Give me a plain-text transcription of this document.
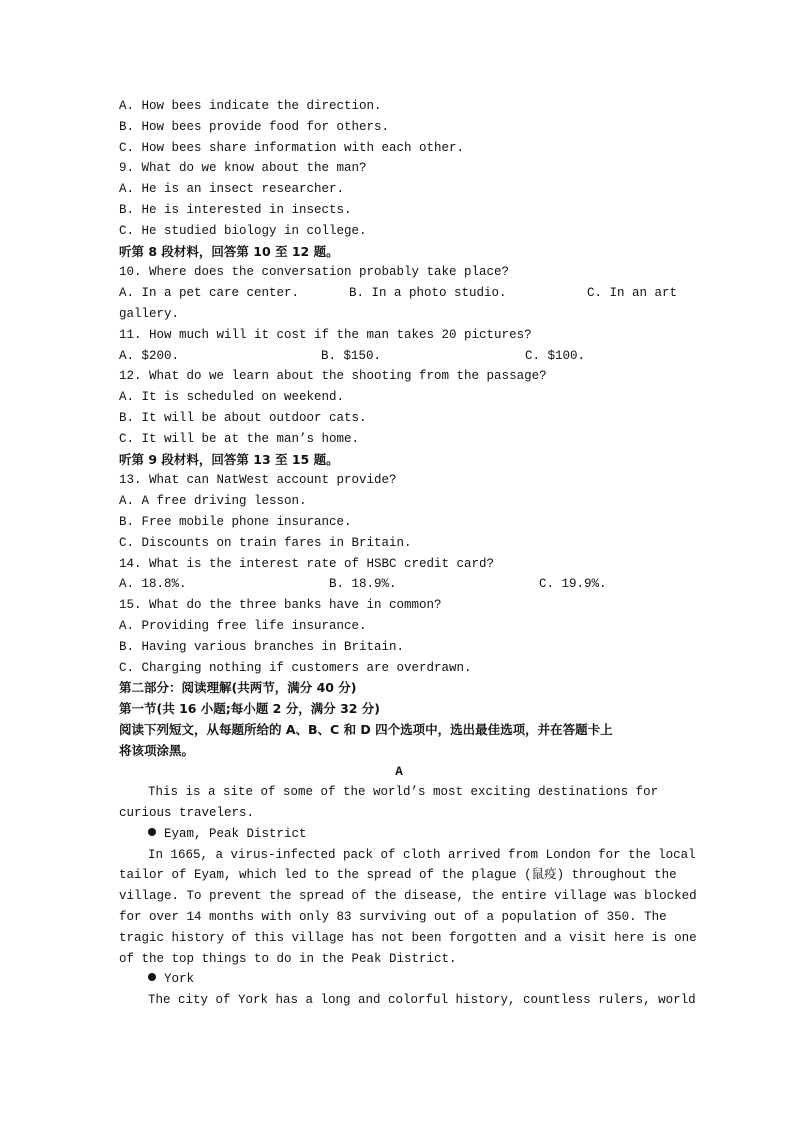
A. How bees indicate the direction.

B. How bees provide food for others.

C. How bees share information with each other.

9. What do we know about the man?

A. He is an insect researcher.

B. He is interested in insects.

C. He studied biology in college.

听第 8 段材料，回答第 10 至 12 题。

10. Where does the conversation probably take place?

A. In a pet care center.

	B. In a photo studio.

	C. In an art

gallery.

11. How much will it cost if the man takes 20 pictures?

A. $200.

	B. $150.

	C. $100.

12. What do we learn about the shooting from the passage?

A. It is scheduled on weekend.

B. It will be about outdoor cats.

C. It will be at the man’s home.

听第 9 段材料，回答第 13 至 15 题。

13. What can NatWest account provide?

A. A free driving lesson.

B. Free mobile phone insurance.

C. Discounts on train fares in Britain.

14. What is the interest rate of HSBC credit card?

A. 18.8%.

	B. 18.9%.

	C. 19.9%.

15. What do the three banks have in common?

A. Providing free life insurance.

B. Having various branches in Britain.

C. Charging nothing if customers are overdrawn.

第二部分：阅读理解(共两节，满分 40 分)

第一节(共 16 小题;每小题 2 分，满分 32 分)

阅读下列短文，从每题所给的 A、B、C 和 D 四个选项中，选出最佳选项，并在答题卡上

将该项涂黑。

A

This is a site of some of the world’s most exciting destinations for

curious travelers.

Eyam, Peak District

In 1665, a virus-infected pack of cloth arrived from London for the local

tailor of Eyam, which led to the spread of the plague (鼠疫) throughout the

village. To prevent the spread of the disease, the entire village was blocked

for over 14 months with only 83 surviving out of a population of 350. The

tragic history of this village has not been forgotten and a visit here is one

of the top things to do in the Peak District.

York

The city of York has a long and colorful history, countless rulers, world
